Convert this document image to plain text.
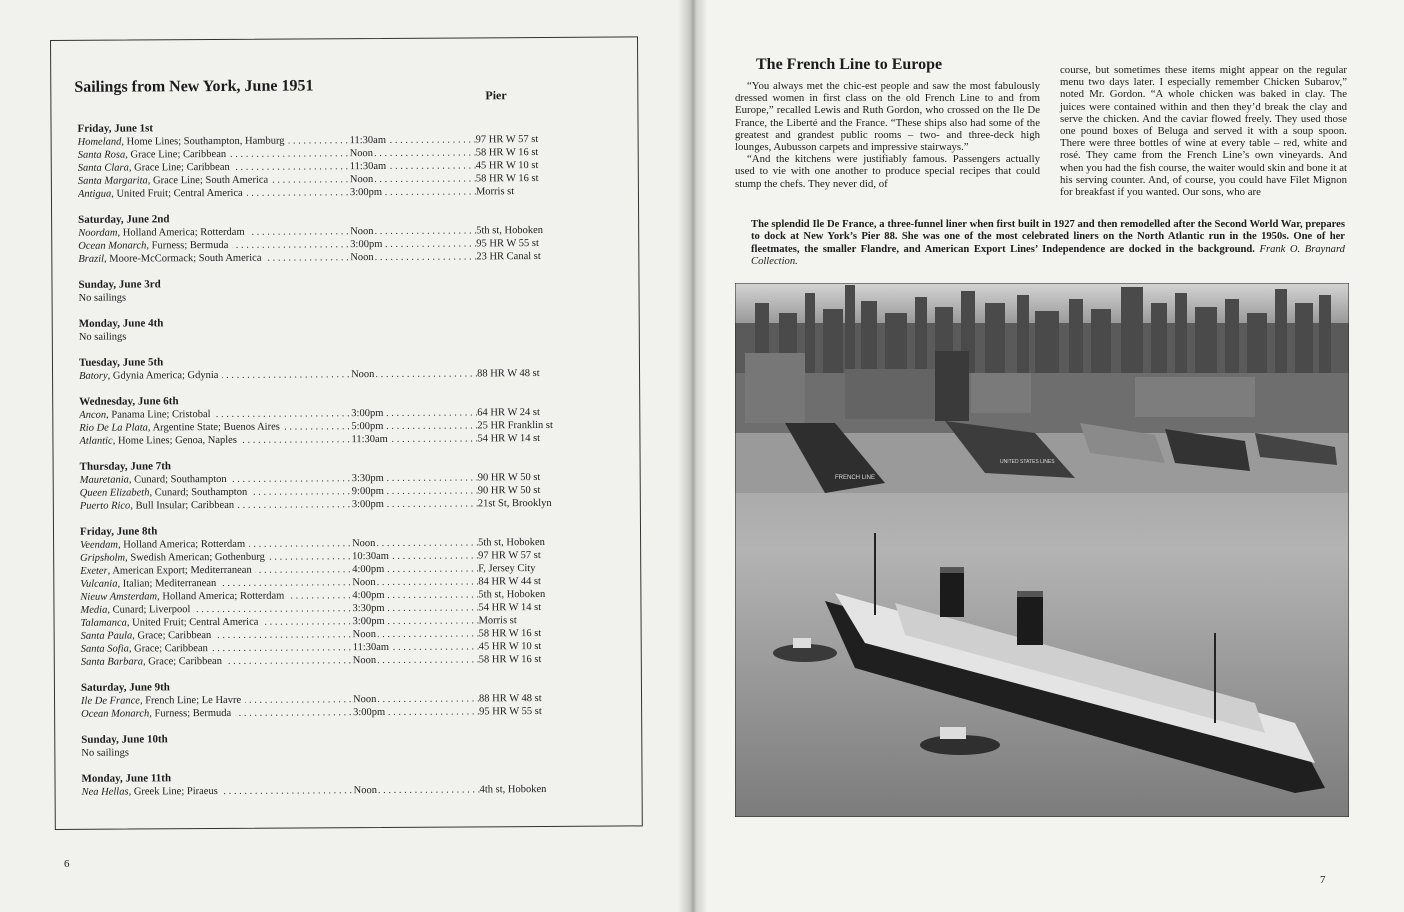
Sailings from New York, June 1951	Pier
Friday, June 1st
Homeland, Home Lines; Southampton, Hamburg . . .	11:30am . . .	97 HR W 57 st
Santa Rosa, Grace Line; Caribbean . . .	Noon . . .	58 HR W 16 st
Santa Clara, Grace Line; Caribbean . . .	11:30am . . .	45 HR W 10 st
Santa Margarita, Grace Line; South America . . .	Noon . . .	58 HR W 16 st
Antigua, United Fruit; Central America . . .	3:00pm . . .	Morris st
Saturday, June 2nd
Noordam, Holland America; Rotterdam . . .	Noon . . .	5th st, Hoboken
Ocean Monarch, Furness; Bermuda . . .	3:00pm . . .	95 HR W 55 st
Brazil, Moore-McCormack; South America . . .	Noon . . .	23 HR Canal st
Sunday, June 3rd
No sailings
Monday, June 4th
No sailings
Tuesday, June 5th
Batory, Gdynia America; Gdynia . . .	Noon . . .	88 HR W 48 st
Wednesday, June 6th
Ancon, Panama Line; Cristobal . . .	3:00pm . . .	64 HR W 24 st
Rio De La Plata, Argentine State; Buenos Aires . . .	5:00pm . . .	25 HR Franklin st
Atlantic, Home Lines; Genoa, Naples . . .	11:30am . . .	54 HR W 14 st
Thursday, June 7th
Mauretania, Cunard; Southampton . . .	3:30pm . . .	90 HR W 50 st
Queen Elizabeth, Cunard; Southampton . . .	9:00pm . . .	90 HR W 50 st
Puerto Rico, Bull Insular; Caribbean . . .	3:00pm . . .	21st St, Brooklyn
Friday, June 8th
Veendam, Holland America; Rotterdam . . .	Noon . . .	5th st, Hoboken
Gripsholm, Swedish American; Gothenburg . . .	10:30am . . .	97 HR W 57 st
Exeter, American Export; Mediterranean . . .	4:00pm . . .	F, Jersey City
Vulcania, Italian; Mediterranean . . .	Noon . . .	84 HR W 44 st
Nieuw Amsterdam, Holland America; Rotterdam . . .	4:00pm . . .	5th st, Hoboken
Media, Cunard; Liverpool . . .	3:30pm . . .	54 HR W 14 st
Talamanca, United Fruit; Central America . . .	3:00pm . . .	Morris st
Santa Paula, Grace; Caribbean . . .	Noon . . .	58 HR W 16 st
Santa Sofia, Grace; Caribbean . . .	11:30am . . .	45 HR W 10 st
Santa Barbara, Grace; Caribbean . . .	Noon . . .	58 HR W 16 st
Saturday, June 9th
Ile De France, French Line; Le Havre . . .	Noon . . .	88 HR W 48 st
Ocean Monarch, Furness; Bermuda . . .	3:00pm . . .	95 HR W 55 st
Sunday, June 10th
No sailings
Monday, June 11th
Nea Hellas, Greek Line; Piraeus . . .	Noon . . .	4th st, Hoboken
6
The French Line to Europe

“You always met the chic-est people and saw the most fabulously dressed women in first class on the old French Line to and from Europe,” recalled Lewis and Ruth Gordon, who crossed on the Ile De France, the Liberté and the France. “These ships also had some of the greatest and grandest public rooms – two- and three-deck high lounges, Aubusson carpets and impressive stairways.”

“And the kitchens were justifiably famous. Passengers actually used to vie with one another to produce special recipes that could stump the chefs. They never did, of

course, but sometimes these items might appear on the regular menu two days later. I especially remember Chicken Subarov,” noted Mr. Gordon. “A whole chicken was baked in clay. The juices were contained within and then they’d break the clay and serve the chicken. And the caviar flowed freely. They used those one pound boxes of Beluga and served it with a soup spoon. There were three bottles of wine at every table – red, white and rosé. They came from the French Line’s own vineyards. And when you had the fish course, the waiter would skin and bone it at his serving counter. And, of course, you could have Filet Mignon for breakfast if you wanted. Our sons, who are

The splendid Ile De France, a three-funnel liner when first built in 1927 and then remodelled after the Second World War, prepares to dock at New York’s Pier 88. She was one of the most celebrated liners on the North Atlantic run in the 1950s. One of her fleetmates, the smaller Flandre, and American Export Lines’ Independence are docked in the background. Frank O. Braynard Collection.
FRENCH LINE
UNITED STATES LINES
7
